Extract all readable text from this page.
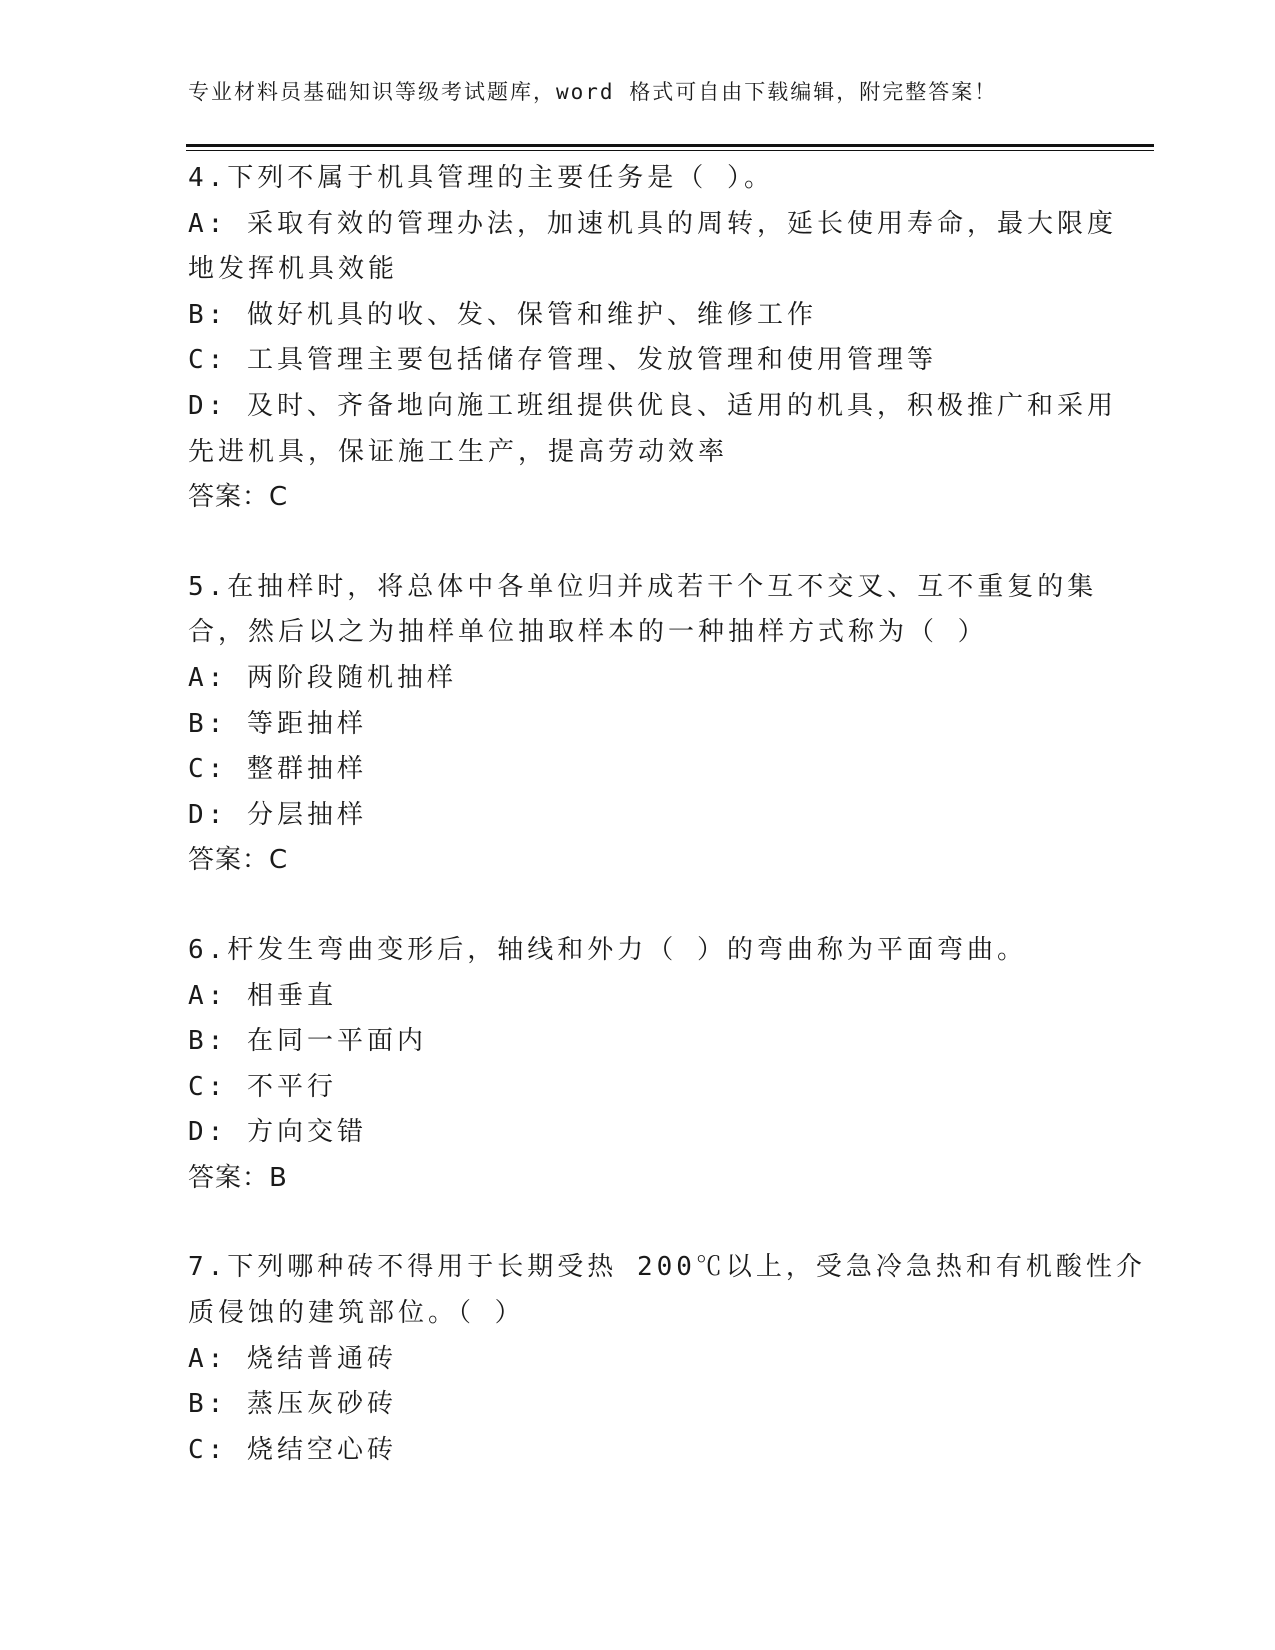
专业材料员基础知识等级考试题库，word 格式可自由下载编辑，附完整答案！
4.下列不属于机具管理的主要任务是（ ）。
A: 采取有效的管理办法，加速机具的周转，延长使用寿命，最大限度
地发挥机具效能
B: 做好机具的收、发、保管和维护、维修工作
C: 工具管理主要包括储存管理、发放管理和使用管理等
D: 及时、齐备地向施工班组提供优良、适用的机具，积极推广和采用
先进机具，保证施工生产，提高劳动效率
答案：C
5.在抽样时，将总体中各单位归并成若干个互不交叉、互不重复的集
合，然后以之为抽样单位抽取样本的一种抽样方式称为（ ）
A: 两阶段随机抽样
B: 等距抽样
C: 整群抽样
D: 分层抽样
答案：C
6.杆发生弯曲变形后，轴线和外力（ ）的弯曲称为平面弯曲。
A: 相垂直
B: 在同一平面内
C: 不平行
D: 方向交错
答案：B
7.下列哪种砖不得用于长期受热 200℃以上，受急冷急热和有机酸性介
质侵蚀的建筑部位。（ ）
A: 烧结普通砖
B: 蒸压灰砂砖
C: 烧结空心砖
